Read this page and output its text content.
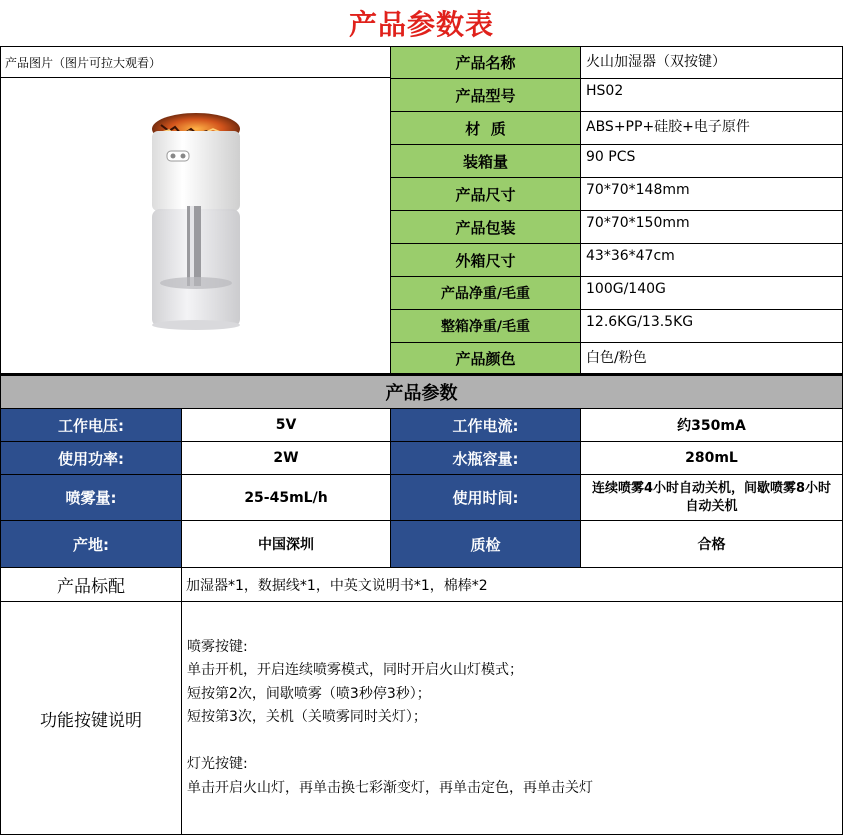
产品参数表
产品图片（图片可拉大观看）	产品名称	火山加湿器（双按键）
产品型号	HS02
材  质	ABS+PP+硅胶+电子原件
装箱量	90 PCS
产品尺寸	70*70*148mm
产品包装	70*70*150mm
外箱尺寸	43*36*47cm
产品净重/毛重	100G/140G
整箱净重/毛重	12.6KG/13.5KG
产品颜色	白色/粉色
产品参数
工作电压:	5V	工作电流:	约350mA
使用功率:	2W	水瓶容量:	280mL
喷雾量:	25-45mL/h	使用时间:
连续喷雾4小时自动关机，间歇喷雾8小时自动关机
产地:	中国深圳	质检	合格
产品标配	加湿器*1，数据线*1，中英文说明书*1，棉棒*2
功能按键说明
喷雾按键:
单击开机，开启连续喷雾模式，同时开启火山灯模式；
短按第2次，间歇喷雾（喷3秒停3秒）；
短按第3次，关机（关喷雾同时关灯）；
灯光按键:
单击开启火山灯，再单击换七彩渐变灯，再单击定色，再单击关灯
